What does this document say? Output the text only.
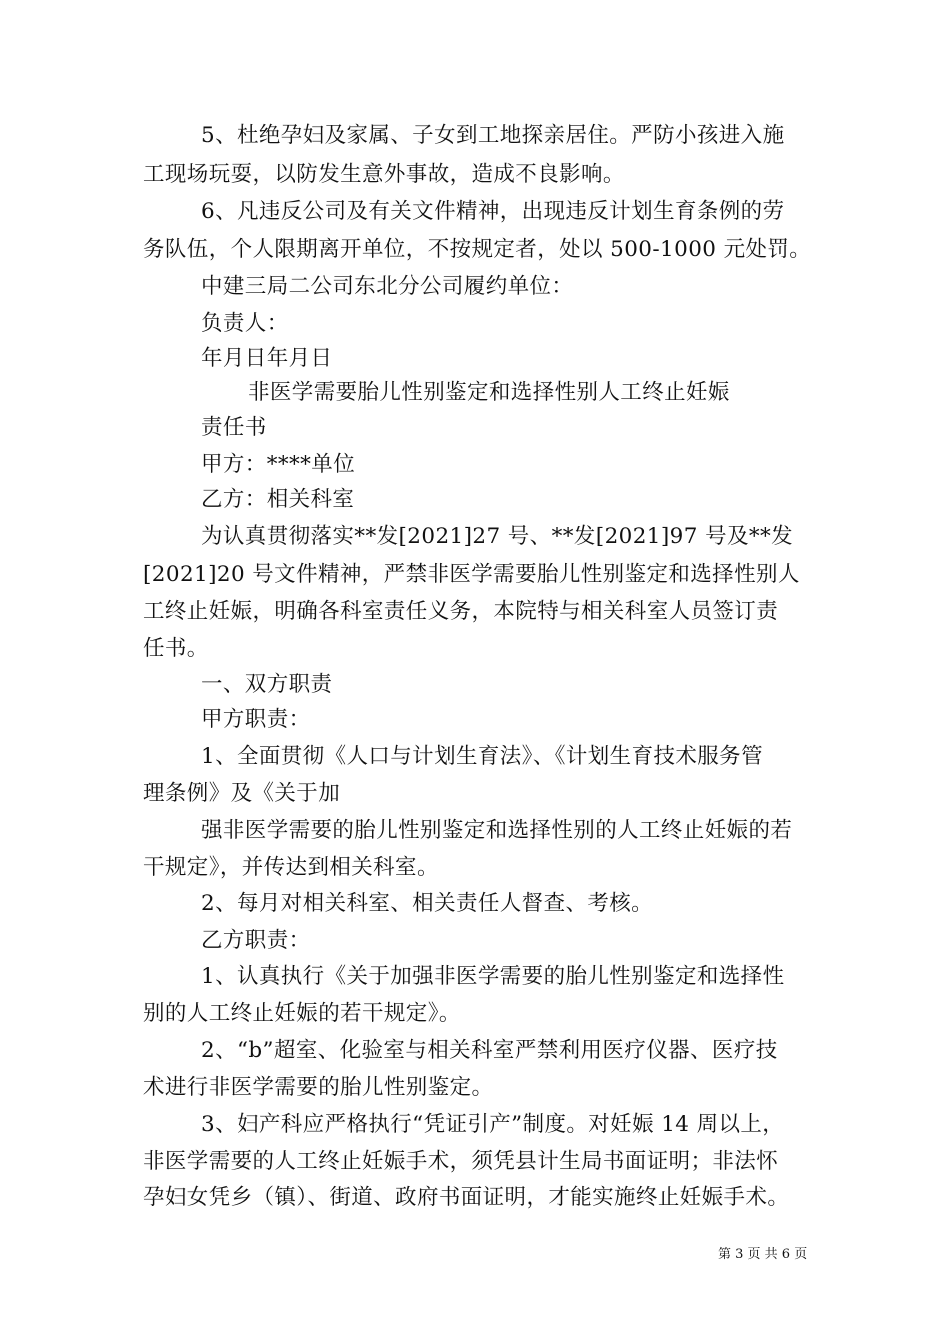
5、杜绝孕妇及家属、子女到工地探亲居住。严防小孩进入施
工现场玩耍，以防发生意外事故，造成不良影响。
6、凡违反公司及有关文件精神，出现违反计划生育条例的劳
务队伍，个人限期离开单位，不按规定者，处以 500-1000 元处罚。
中建三局二公司东北分公司履约单位：
负责人：
年月日年月日
非医学需要胎儿性别鉴定和选择性别人工终止妊娠
责任书
甲方：****单位
乙方：相关科室
为认真贯彻落实**发[2021]27 号、**发[2021]97 号及**发
[2021]20 号文件精神，严禁非医学需要胎儿性别鉴定和选择性别人
工终止妊娠，明确各科室责任义务，本院特与相关科室人员签订责
任书。
一、双方职责
甲方职责：
1、全面贯彻《人口与计划生育法》、《计划生育技术服务管
理条例》及《关于加
强非医学需要的胎儿性别鉴定和选择性别的人工终止妊娠的若
干规定》，并传达到相关科室。
2、每月对相关科室、相关责任人督查、考核。
乙方职责：
1、认真执行《关于加强非医学需要的胎儿性别鉴定和选择性
别的人工终止妊娠的若干规定》。
2、“b”超室、化验室与相关科室严禁利用医疗仪器、医疗技
术进行非医学需要的胎儿性别鉴定。
3、妇产科应严格执行“凭证引产”制度。对妊娠 14 周以上，
非医学需要的人工终止妊娠手术，须凭县计生局书面证明；非法怀
孕妇女凭乡（镇）、街道、政府书面证明，才能实施终止妊娠手术。
第 3 页 共 6 页
